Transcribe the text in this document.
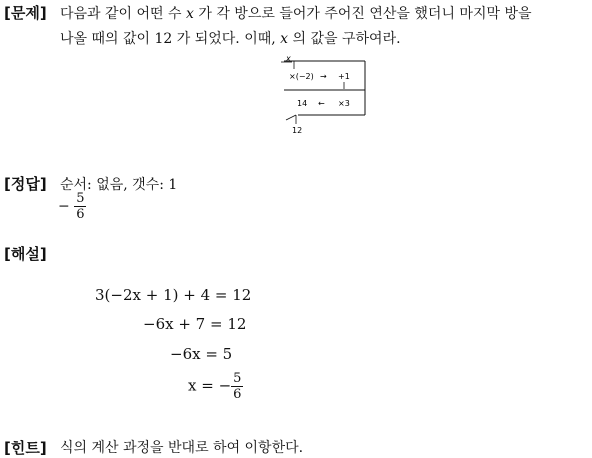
[문제] 다음과 같이 어떤 수 x 가 각 방으로 들어가 주어진 연산을 했더니 마지막 방을
나올 때의 값이 12 가 되었다. 이때, x 의 값을 구하여라.
x
×(−2) → +1
14 ← ×3
12
[정답] 순서: 없음, 갯수: 1
− $\frac{5}{6}$
[해설]
3(−2x + 1) + 4 = 12
−6x + 7 = 12
−6x = 5
x = − $\frac{5}{6}$
[힌트] 식의 계산 과정을 반대로 하여 이항한다.
